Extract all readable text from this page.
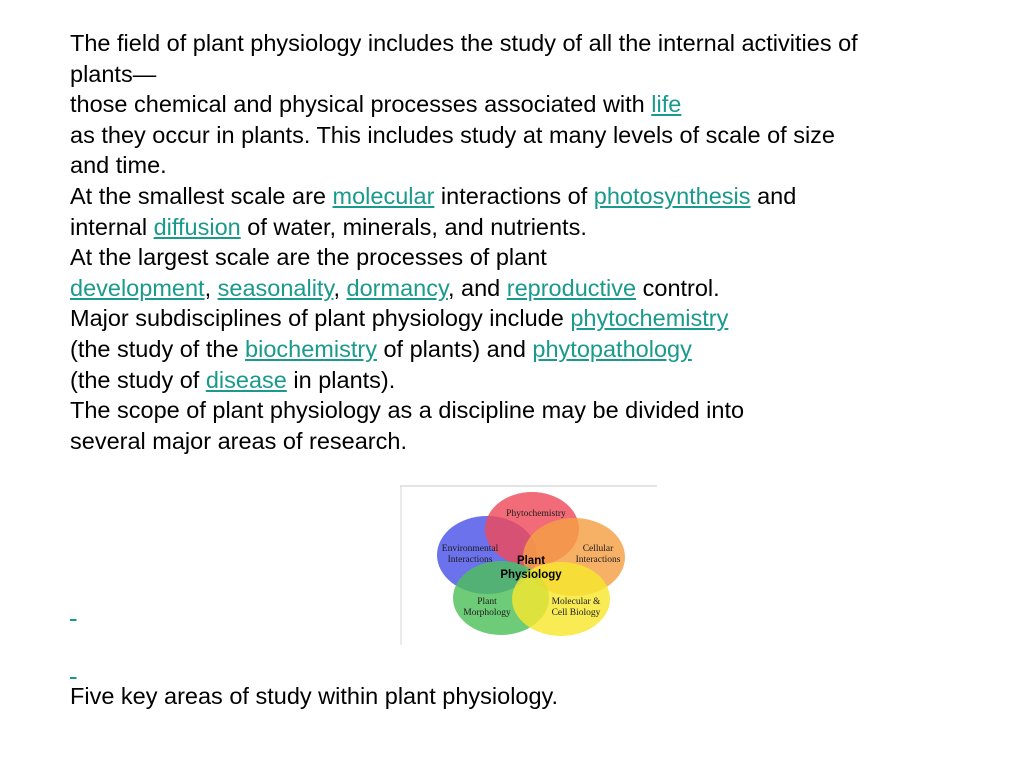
The field of plant physiology includes the study of all the internal activities of
plants—
those chemical and physical processes associated with life
as they occur in plants. This includes study at many levels of scale of size
and time.
At the smallest scale are molecular interactions of photosynthesis and
internal diffusion of water, minerals, and nutrients.
At the largest scale are the processes of plant
development, seasonality, dormancy, and reproductive control.
Major subdisciplines of plant physiology include phytochemistry
(the study of the biochemistry of plants) and phytopathology
(the study of disease in plants).
The scope of plant physiology as a discipline may be divided into
several major areas of research.
Phytochemistry
Environmental
Interactions
Cellular
Interactions
Plant
Morphology
Molecular &
Cell Biology
Plant
Physiology

Five key areas of study within plant physiology.
